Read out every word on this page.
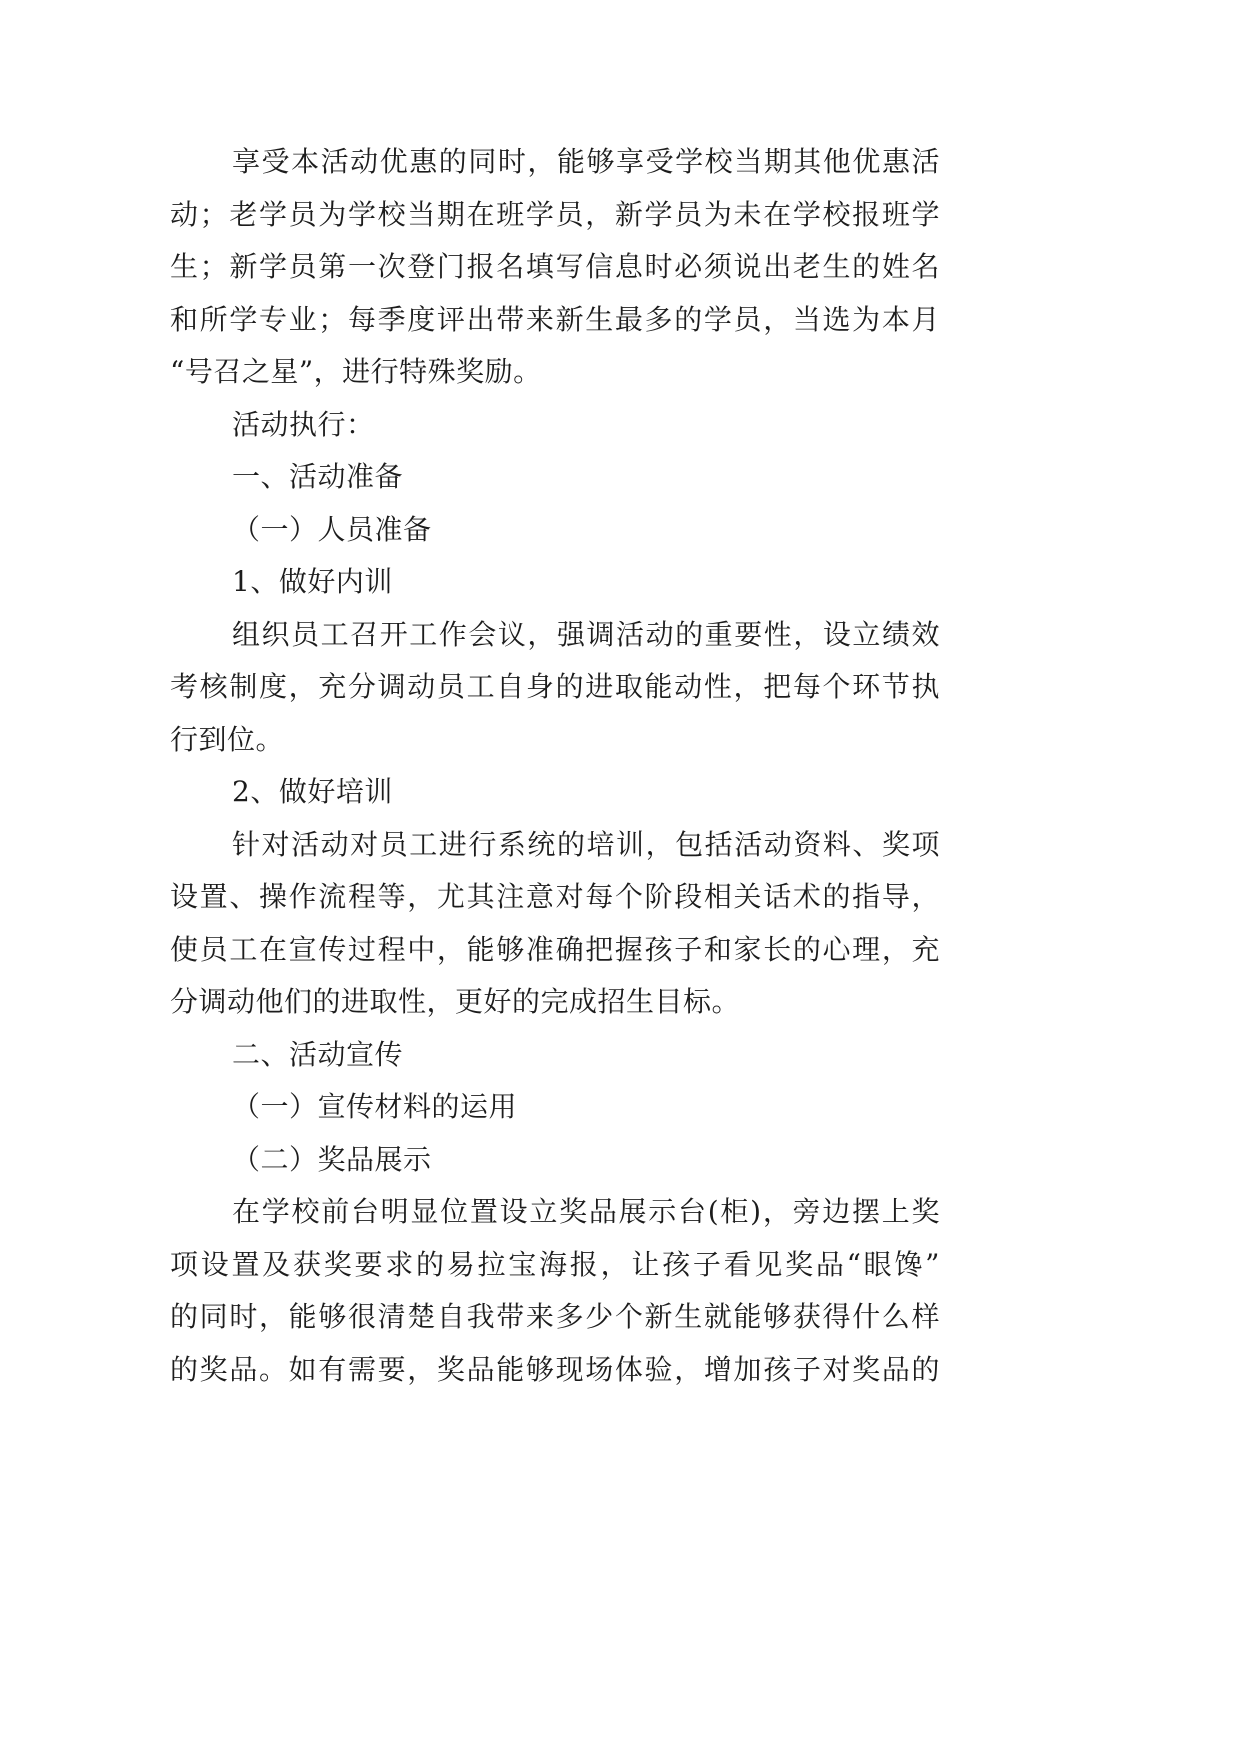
享受本活动优惠的同时，能够享受学校当期其他优惠活
动；老学员为学校当期在班学员，新学员为未在学校报班学
生；新学员第一次登门报名填写信息时必须说出老生的姓名
和所学专业；每季度评出带来新生最多的学员，当选为本月
“号召之星”，进行特殊奖励。
活动执行：
一、活动准备
（一）人员准备
1、做好内训
组织员工召开工作会议，强调活动的重要性，设立绩效
考核制度，充分调动员工自身的进取能动性，把每个环节执
行到位。
2、做好培训
针对活动对员工进行系统的培训，包括活动资料、奖项
设置、操作流程等，尤其注意对每个阶段相关话术的指导，
使员工在宣传过程中，能够准确把握孩子和家长的心理，充
分调动他们的进取性，更好的完成招生目标。
二、活动宣传
（一）宣传材料的运用
（二）奖品展示
在学校前台明显位置设立奖品展示台(柜)，旁边摆上奖
项设置及获奖要求的易拉宝海报，让孩子看见奖品“眼馋”
的同时，能够很清楚自我带来多少个新生就能够获得什么样
的奖品。如有需要，奖品能够现场体验，增加孩子对奖品的
